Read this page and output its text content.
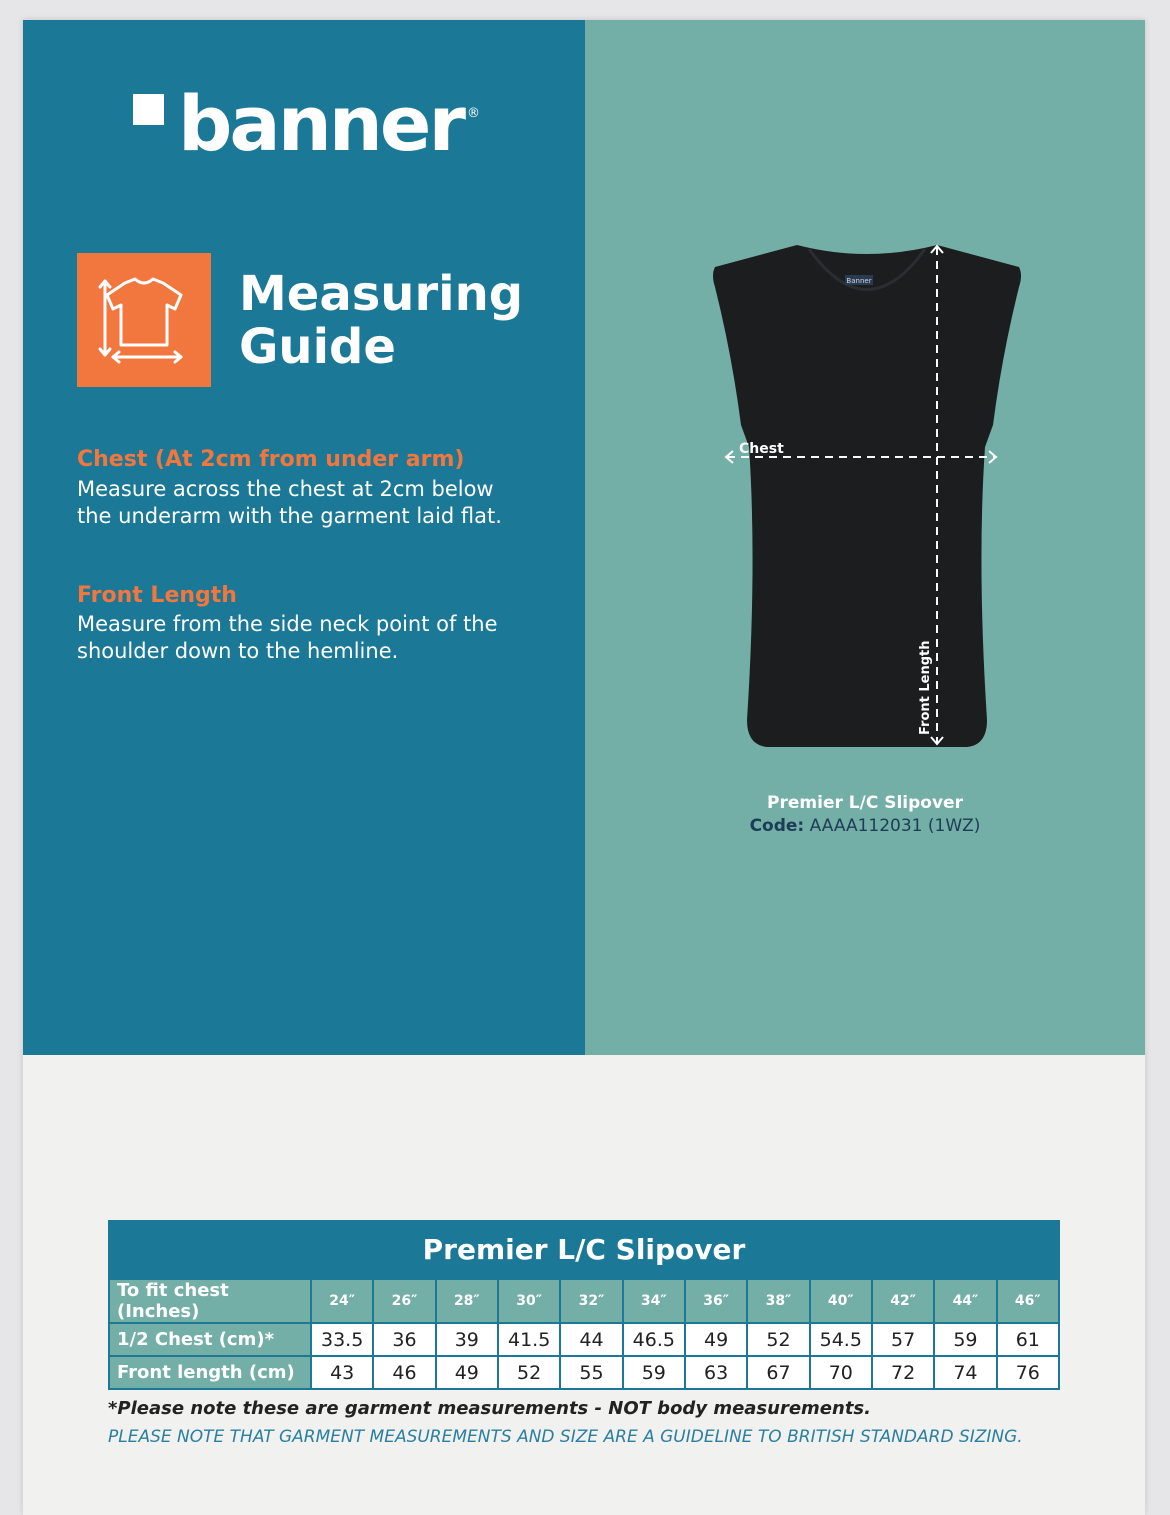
banner ®
Measuring
Guide
Chest (At 2cm from under arm)
Measure across the chest at 2cm below the underarm with the garment laid flat.
Front Length
Measure from the side neck point of the shoulder down to the hemline.
Banner
Chest
Front Length
Premier L/C Slipover
Code: AAAA112031 (1WZ)
Premier L/C Slipover
To fit chest (Inches)	24″	26″	28″	30″	32″	34″	36″	38″	40″	42″	44″	46″
1/2 Chest (cm)*	33.5	36	39	41.5	44	46.5	49	52	54.5	57	59	61
Front length (cm)	43	46	49	52	55	59	63	67	70	72	74	76
*Please note these are garment measurements - NOT body measurements.
PLEASE NOTE THAT GARMENT MEASUREMENTS AND SIZE ARE A GUIDELINE TO BRITISH STANDARD SIZING.
